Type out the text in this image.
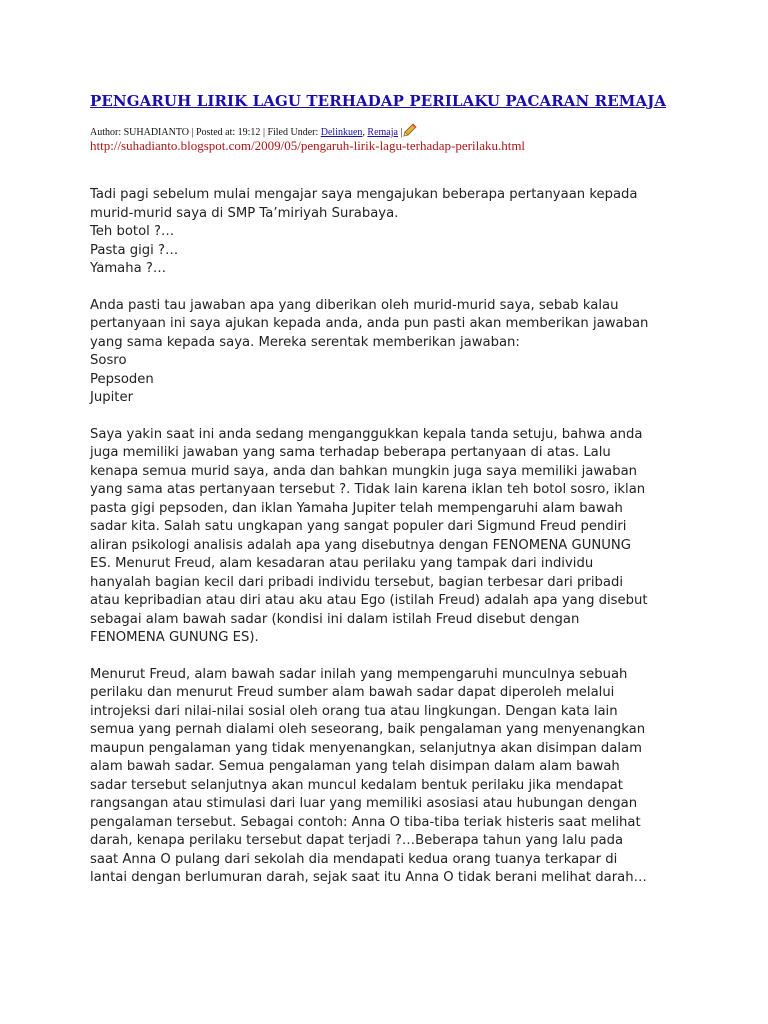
PENGARUH LIRIK LAGU TERHADAP PERILAKU PACARAN REMAJA
Author: SUHADIANTO | Posted at: 19:12 | Filed Under: Delinkuen, Remaja |
http://suhadianto.blogspot.com/2009/05/pengaruh-lirik-lagu-terhadap-perilaku.html
Tadi pagi sebelum mulai mengajar saya mengajukan beberapa pertanyaan kepada
murid-murid saya di SMP Ta’miriyah Surabaya.
Teh botol ?…
Pasta gigi ?…
Yamaha ?…
Anda pasti tau jawaban apa yang diberikan oleh murid-murid saya, sebab kalau
pertanyaan ini saya ajukan kepada anda, anda pun pasti akan memberikan jawaban
yang sama kepada saya. Mereka serentak memberikan jawaban:
Sosro
Pepsoden
Jupiter
Saya yakin saat ini anda sedang menganggukkan kepala tanda setuju, bahwa anda
juga memiliki jawaban yang sama terhadap beberapa pertanyaan di atas. Lalu
kenapa semua murid saya, anda dan bahkan mungkin juga saya memiliki jawaban
yang sama atas pertanyaan tersebut ?. Tidak lain karena iklan teh botol sosro, iklan
pasta gigi pepsoden, dan iklan Yamaha Jupiter telah mempengaruhi alam bawah
sadar kita. Salah satu ungkapan yang sangat populer dari Sigmund Freud pendiri
aliran psikologi analisis adalah apa yang disebutnya dengan FENOMENA GUNUNG
ES. Menurut Freud, alam kesadaran atau perilaku yang tampak dari individu
hanyalah bagian kecil dari pribadi individu tersebut, bagian terbesar dari pribadi
atau kepribadian atau diri atau aku atau Ego (istilah Freud) adalah apa yang disebut
sebagai alam bawah sadar (kondisi ini dalam istilah Freud disebut dengan
FENOMENA GUNUNG ES).
Menurut Freud, alam bawah sadar inilah yang mempengaruhi munculnya sebuah
perilaku dan menurut Freud sumber alam bawah sadar dapat diperoleh melalui
introjeksi dari nilai-nilai sosial oleh orang tua atau lingkungan. Dengan kata lain
semua yang pernah dialami oleh seseorang, baik pengalaman yang menyenangkan
maupun pengalaman yang tidak menyenangkan, selanjutnya akan disimpan dalam
alam bawah sadar. Semua pengalaman yang telah disimpan dalam alam bawah
sadar tersebut selanjutnya akan muncul kedalam bentuk perilaku jika mendapat
rangsangan atau stimulasi dari luar yang memiliki asosiasi atau hubungan dengan
pengalaman tersebut. Sebagai contoh: Anna O tiba-tiba teriak histeris saat melihat
darah, kenapa perilaku tersebut dapat terjadi ?…Beberapa tahun yang lalu pada
saat Anna O pulang dari sekolah dia mendapati kedua orang tuanya terkapar di
lantai dengan berlumuran darah, sejak saat itu Anna O tidak berani melihat darah…
